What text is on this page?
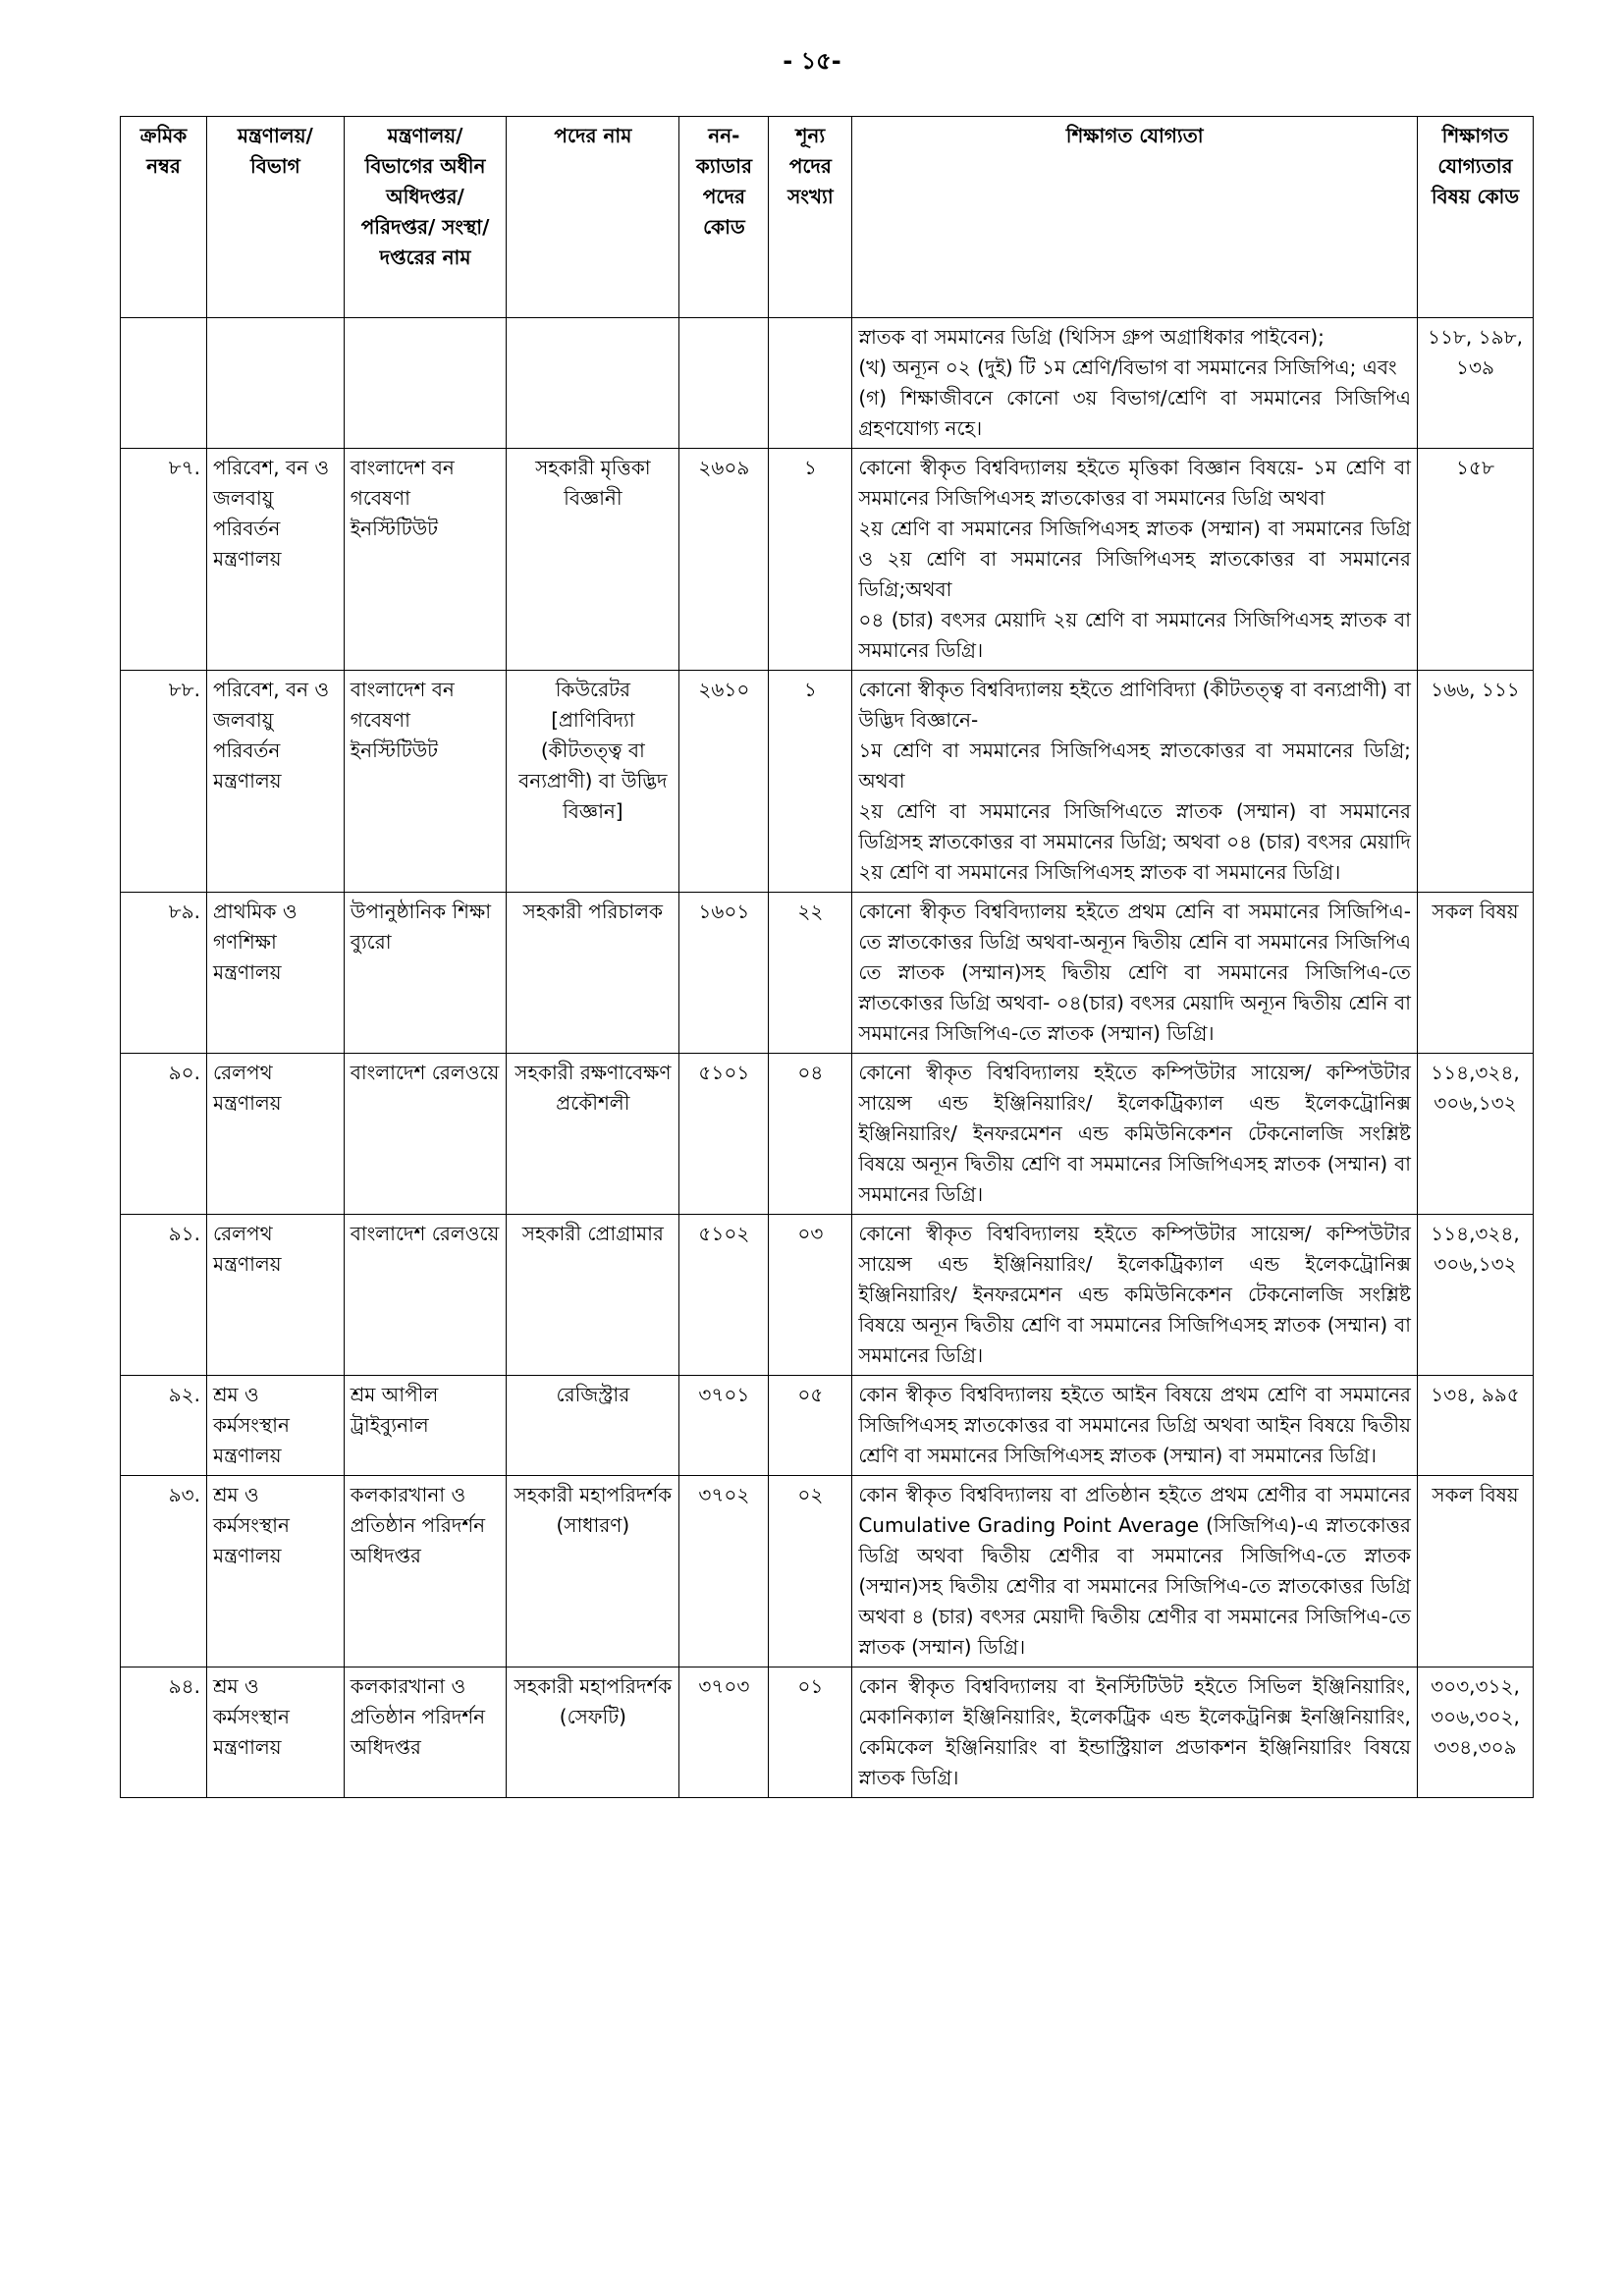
- ১৫-
ক্রমিক নম্বর	মন্ত্রণালয়/ বিভাগ	মন্ত্রণালয়/ বিভাগের অধীন অধিদপ্তর/ পরিদপ্তর/ সংস্থা/ দপ্তরের নাম	পদের নাম	নন-ক্যাডার পদের কোড	শূন্য পদের সংখ্যা	শিক্ষাগত যোগ্যতা	শিক্ষাগত যোগ্যতার বিষয় কোড

						স্নাতক বা সমমানের ডিগ্রি (থিসিস গ্রুপ অগ্রাধিকার পাইবেন);
(খ) অন্যূন ০২ (দুই) টি ১ম শ্রেণি/বিভাগ বা সমমানের সিজিপিএ; এবং
(গ) শিক্ষাজীবনে কোনো ৩য় বিভাগ/শ্রেণি বা সমমানের সিজিপিএ গ্রহণযোগ্য নহে।	১১৮, ১৯৮, ১৩৯
৮৭.	পরিবেশ, বন ও জলবায়ু পরিবর্তন মন্ত্রণালয়	বাংলাদেশ বন গবেষণা ইনস্টিটিউট	সহকারী মৃত্তিকা বিজ্ঞানী	২৬০৯	১	কোনো স্বীকৃত বিশ্ববিদ্যালয় হইতে মৃত্তিকা বিজ্ঞান বিষয়ে- ১ম শ্রেণি বা সমমানের সিজিপিএসহ স্নাতকোত্তর বা সমমানের ডিগ্রি অথবা
২য় শ্রেণি বা সমমানের সিজিপিএসহ স্নাতক (সম্মান) বা সমমানের ডিগ্রি ও ২য় শ্রেণি বা সমমানের সিজিপিএসহ স্নাতকোত্তর বা সমমানের ডিগ্রি;অথবা
০৪ (চার) বৎসর মেয়াদি ২য় শ্রেণি বা সমমানের সিজিপিএসহ স্নাতক বা সমমানের ডিগ্রি।	১৫৮
৮৮.	পরিবেশ, বন ও জলবায়ু পরিবর্তন মন্ত্রণালয়	বাংলাদেশ বন গবেষণা ইনস্টিটিউট	কিউরেটর [প্রাণিবিদ্যা (কীটতত্ত্ব বা বন্যপ্রাণী) বা উদ্ভিদ বিজ্ঞান]	২৬১০	১	কোনো স্বীকৃত বিশ্ববিদ্যালয় হইতে প্রাণিবিদ্যা (কীটতত্ত্ব বা বন্যপ্রাণী) বা উদ্ভিদ বিজ্ঞানে-
১ম শ্রেণি বা সমমানের সিজিপিএসহ স্নাতকোত্তর বা সমমানের ডিগ্রি; অথবা
২য় শ্রেণি বা সমমানের সিজিপিএতে স্নাতক (সম্মান) বা সমমানের ডিগ্রিসহ স্নাতকোত্তর বা সমমানের ডিগ্রি; অথবা ০৪ (চার) বৎসর মেয়াদি ২য় শ্রেণি বা সমমানের সিজিপিএসহ স্নাতক বা সমমানের ডিগ্রি।	১৬৬, ১১১
৮৯.	প্রাথমিক ও গণশিক্ষা মন্ত্রণালয়	উপানুষ্ঠানিক শিক্ষা ব্যুরো	সহকারী পরিচালক	১৬০১	২২	কোনো স্বীকৃত বিশ্ববিদ্যালয় হইতে প্রথম শ্রেনি বা সমমানের সিজিপিএ-তে স্নাতকোত্তর ডিগ্রি অথবা-অন্যূন দ্বিতীয় শ্রেনি বা সমমানের সিজিপিএ তে স্নাতক (সম্মান)সহ দ্বিতীয় শ্রেণি বা সমমানের সিজিপিএ-তে স্নাতকোত্তর ডিগ্রি অথবা- ০৪(চার) বৎসর মেয়াদি অন্যূন দ্বিতীয় শ্রেনি বা সমমানের সিজিপিএ-তে স্নাতক (সম্মান) ডিগ্রি।	সকল বিষয়
৯০.	রেলপথ মন্ত্রণালয়	বাংলাদেশ রেলওয়ে	সহকারী রক্ষণাবেক্ষণ প্রকৌশলী	৫১০১	০৪	কোনো স্বীকৃত বিশ্ববিদ্যালয় হইতে কম্পিউটার সায়েন্স/ কম্পিউটার সায়েন্স এন্ড ইঞ্জিনিয়ারিং/ ইলেকট্রিক্যাল এন্ড ইলেকট্রোনিক্স ইঞ্জিনিয়ারিং/ ইনফরমেশন এন্ড কমিউনিকেশন টেকনোলজি সংশ্লিষ্ট বিষয়ে অন্যূন দ্বিতীয় শ্রেণি বা সমমানের সিজিপিএসহ স্নাতক (সম্মান) বা সমমানের ডিগ্রি।	১১৪,৩২৪, ৩০৬,১৩২
৯১.	রেলপথ মন্ত্রণালয়	বাংলাদেশ রেলওয়ে	সহকারী প্রোগ্রামার	৫১০২	০৩	কোনো স্বীকৃত বিশ্ববিদ্যালয় হইতে কম্পিউটার সায়েন্স/ কম্পিউটার সায়েন্স এন্ড ইঞ্জিনিয়ারিং/ ইলেকট্রিক্যাল এন্ড ইলেকট্রোনিক্স ইঞ্জিনিয়ারিং/ ইনফরমেশন এন্ড কমিউনিকেশন টেকনোলজি সংশ্লিষ্ট বিষয়ে অন্যূন দ্বিতীয় শ্রেণি বা সমমানের সিজিপিএসহ স্নাতক (সম্মান) বা সমমানের ডিগ্রি।	১১৪,৩২৪, ৩০৬,১৩২
৯২.	শ্রম ও কর্মসংস্থান মন্ত্রণালয়	শ্রম আপীল ট্রাইব্যুনাল	রেজিস্ট্রার	৩৭০১	০৫	কোন স্বীকৃত বিশ্ববিদ্যালয় হইতে আইন বিষয়ে প্রথম শ্রেণি বা সমমানের সিজিপিএসহ স্নাতকোত্তর বা সমমানের ডিগ্রি অথবা আইন বিষয়ে দ্বিতীয় শ্রেণি বা সমমানের সিজিপিএসহ স্নাতক (সম্মান) বা সমমানের ডিগ্রি।	১৩৪, ৯৯৫
৯৩.	শ্রম ও কর্মসংস্থান মন্ত্রণালয়	কলকারখানা ও প্রতিষ্ঠান পরিদর্শন অধিদপ্তর	সহকারী মহাপরিদর্শক (সাধারণ)	৩৭০২	০২	কোন স্বীকৃত বিশ্ববিদ্যালয় বা প্রতিষ্ঠান হইতে প্রথম শ্রেণীর বা সমমানের Cumulative Grading Point Average (সিজিপিএ)-এ স্নাতকোত্তর ডিগ্রি অথবা দ্বিতীয় শ্রেণীর বা সমমানের সিজিপিএ-তে স্নাতক (সম্মান)সহ দ্বিতীয় শ্রেণীর বা সমমানের সিজিপিএ-তে স্নাতকোত্তর ডিগ্রি অথবা ৪ (চার) বৎসর মেয়াদী দ্বিতীয় শ্রেণীর বা সমমানের সিজিপিএ-তে স্নাতক (সম্মান) ডিগ্রি।	সকল বিষয়
৯৪.	শ্রম ও কর্মসংস্থান মন্ত্রণালয়	কলকারখানা ও প্রতিষ্ঠান পরিদর্শন অধিদপ্তর	সহকারী মহাপরিদর্শক (সেফটি)	৩৭০৩	০১	কোন স্বীকৃত বিশ্ববিদ্যালয় বা ইনস্টিটিউট হইতে সিভিল ইঞ্জিনিয়ারিং, মেকানিক্যাল ইঞ্জিনিয়ারিং, ইলেকট্রিক এন্ড ইলেকট্রনিক্স ইনঞ্জিনিয়ারিং, কেমিকেল ইঞ্জিনিয়ারিং বা ইন্ডাস্ট্রিয়াল প্রডাকশন ইঞ্জিনিয়ারিং বিষয়ে স্নাতক ডিগ্রি।	৩০৩,৩১২, ৩০৬,৩০২, ৩৩৪,৩০৯
